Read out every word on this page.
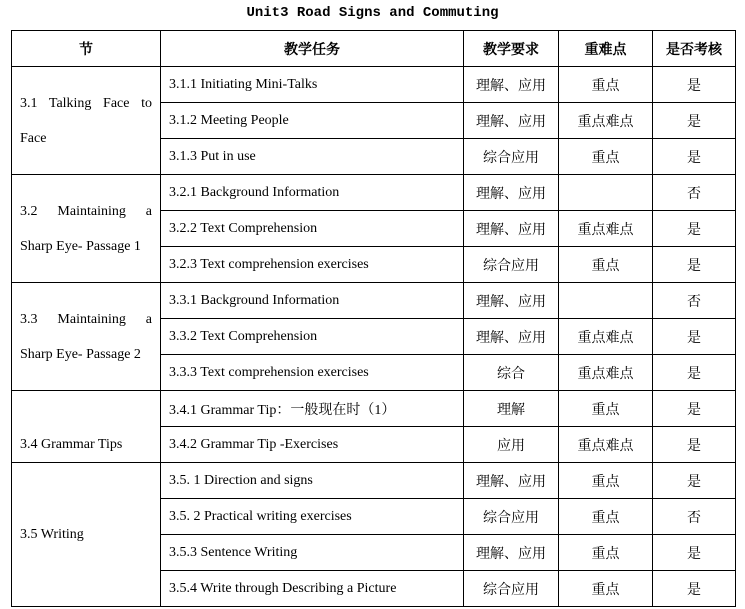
Unit3 Road Signs and Commuting
节	教学任务	教学要求	重难点	是否考核

3.1 Talking Face to Face	3.1.1 Initiating Mini-Talks	理解、应用	重点	是
	3.1.2 Meeting People	理解、应用	重点难点	是
	3.1.3 Put in use	综合应用	重点	是

3.2 Maintaining a Sharp Eye- Passage 1	3.2.1 Background Information	理解、应用		否
	3.2.2 Text Comprehension	理解、应用	重点难点	是
	3.2.3 Text comprehension exercises	综合应用	重点	是

3.3 Maintaining a Sharp Eye- Passage 2	3.3.1 Background Information	理解、应用		否
	3.3.2 Text Comprehension	理解、应用	重点难点	是
	3.3.3 Text comprehension exercises	综合	重点难点	是

3.4 Grammar Tips	3.4.1 Grammar Tip：一般现在时（1）	理解	重点	是
	3.4.2 Grammar Tip -Exercises	应用	重点难点	是

3.5 Writing	3.5. 1 Direction and signs	理解、应用	重点	是
	3.5. 2 Practical writing exercises	综合应用	重点	否
	3.5.3 Sentence Writing	理解、应用	重点	是
	3.5.4 Write through Describing a Picture	综合应用	重点	是
